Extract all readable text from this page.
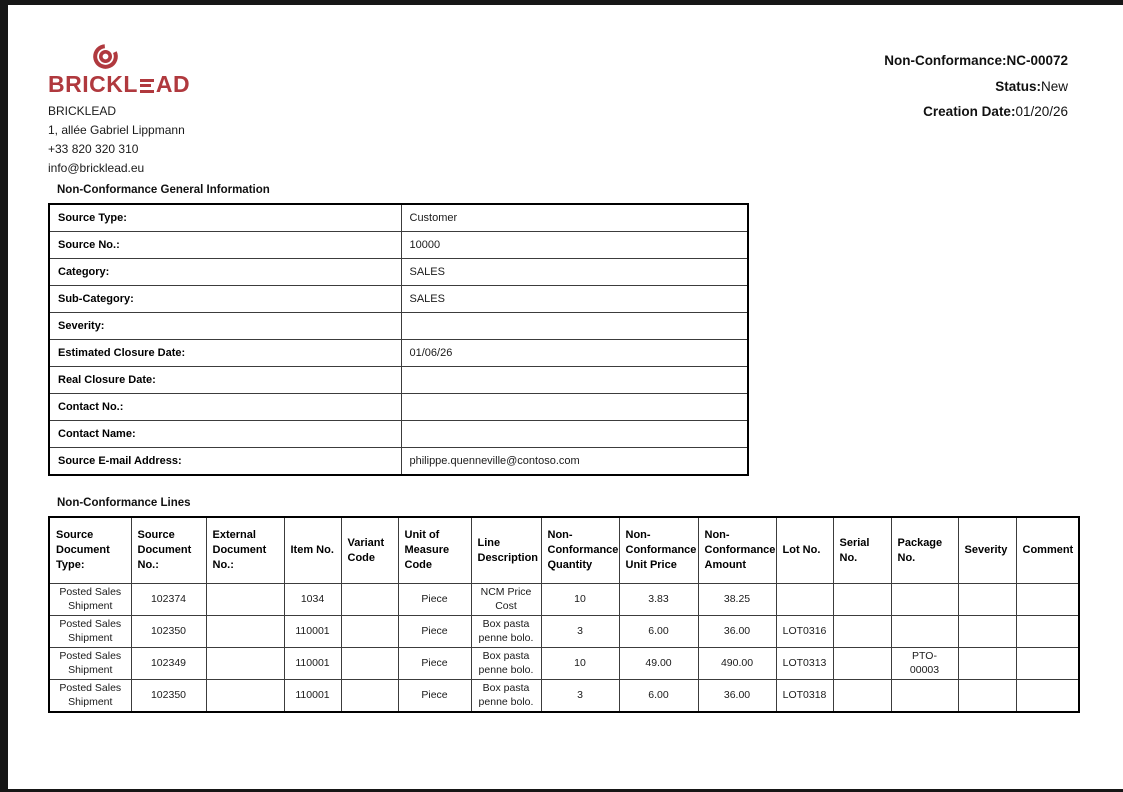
BRICKL AD
BRICKLEAD
1, allée Gabriel Lippmann
+33 820 320 310
info@bricklead.eu
Non-Conformance:NC-00072
Status:New
Creation Date:01/20/26
Non-Conformance General Information
Source Type:	Customer
Source No.:	10000
Category:	SALES
Sub-Category:	SALES
Severity:	
Estimated Closure Date:	01/06/26
Real Closure Date:	
Contact No.:	
Contact Name:	
Source E-mail Address:	philippe.quenneville@contoso.com
Non-Conformance Lines
Source Document Type:	Source Document No.:	External Document No.:	Item No.	Variant Code	Unit of Measure Code	Line Description	Non-Conformance Quantity	Non-Conformance Unit Price	Non-Conformance Amount	Lot No.	Serial No.	Package No.	Severity	Comment
Posted Sales Shipment	102374		1034		Piece	NCM Price Cost	10	3.83	38.25					
Posted Sales Shipment	102350		110001		Piece	Box pasta penne bolo.	3	6.00	36.00	LOT0316				
Posted Sales Shipment	102349		110001		Piece	Box pasta penne bolo.	10	49.00	490.00	LOT0313		PTO-00003		
Posted Sales Shipment	102350		110001		Piece	Box pasta penne bolo.	3	6.00	36.00	LOT0318				
